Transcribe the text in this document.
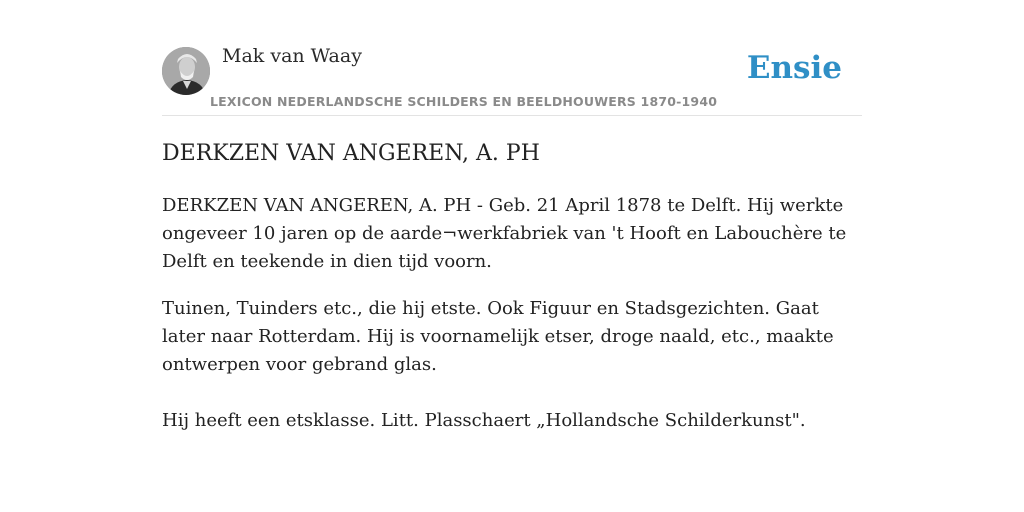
Mak van Waay
LEXICON NEDERLANDSCHE SCHILDERS EN BEELDHOUWERS 1870-1940
Ensie
DERKZEN VAN ANGEREN, A. PH

DERKZEN VAN ANGEREN, A. PH - Geb. 21 April 1878 te Delft. Hij werkte ongeveer 10 jaren op de aarde¬werkfabriek van 't Hooft en Labouchère te Delft en teekende in dien tijd voorn.

Tuinen, Tuinders etc., die hij etste. Ook Figuur en Stadsgezichten. Gaat later naar Rotterdam. Hij is voornamelijk etser, droge naald, etc., maakte ontwerpen voor gebrand glas.

Hij heeft een etsklasse. Litt. Plasschaert „Hollandsche Schilderkunst".
